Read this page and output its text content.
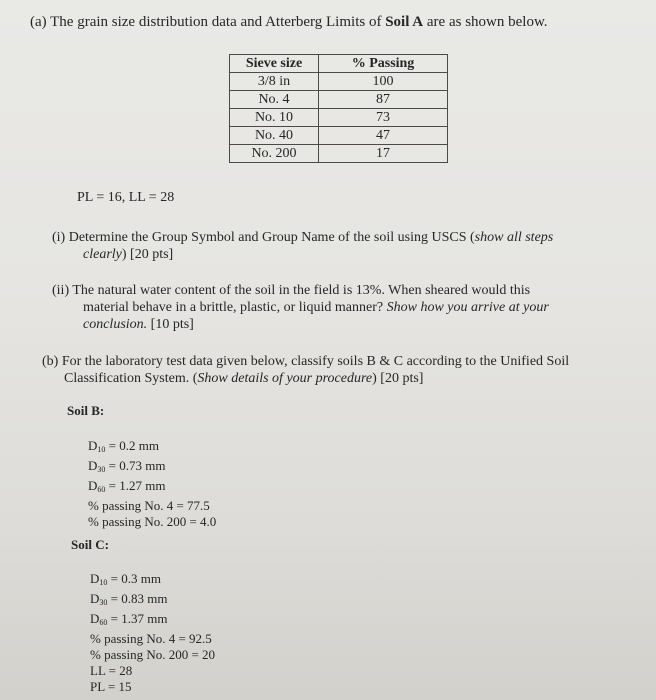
(a) The grain size distribution data and Atterberg Limits of Soil A are as shown below.
Sieve size	% Passing
3/8 in	100
No. 4	87
No. 10	73
No. 40	47
No. 200	17
PL = 16, LL = 28
(i) Determine the Group Symbol and Group Name of the soil using USCS (show all steps
clearly) [20 pts]
(ii) The natural water content of the soil in the field is 13%. When sheared would this
material behave in a brittle, plastic, or liquid manner? Show how you arrive at your
conclusion. [10 pts]
(b) For the laboratory test data given below, classify soils B & C according to the Unified Soil
Classification System. (Show details of your procedure) [20 pts]
Soil B:
$D_{10} = 0.2$ mm
$D_{30} = 0.73$ mm
$D_{60} = 1.27$ mm
% passing No. 4 = 77.5
% passing No. 200 = 4.0
Soil C:
$D_{10} = 0.3$ mm
$D_{30} = 0.83$ mm
$D_{60} = 1.37$ mm
% passing No. 4 = 92.5
% passing No. 200 = 20
LL = 28
PL = 15
